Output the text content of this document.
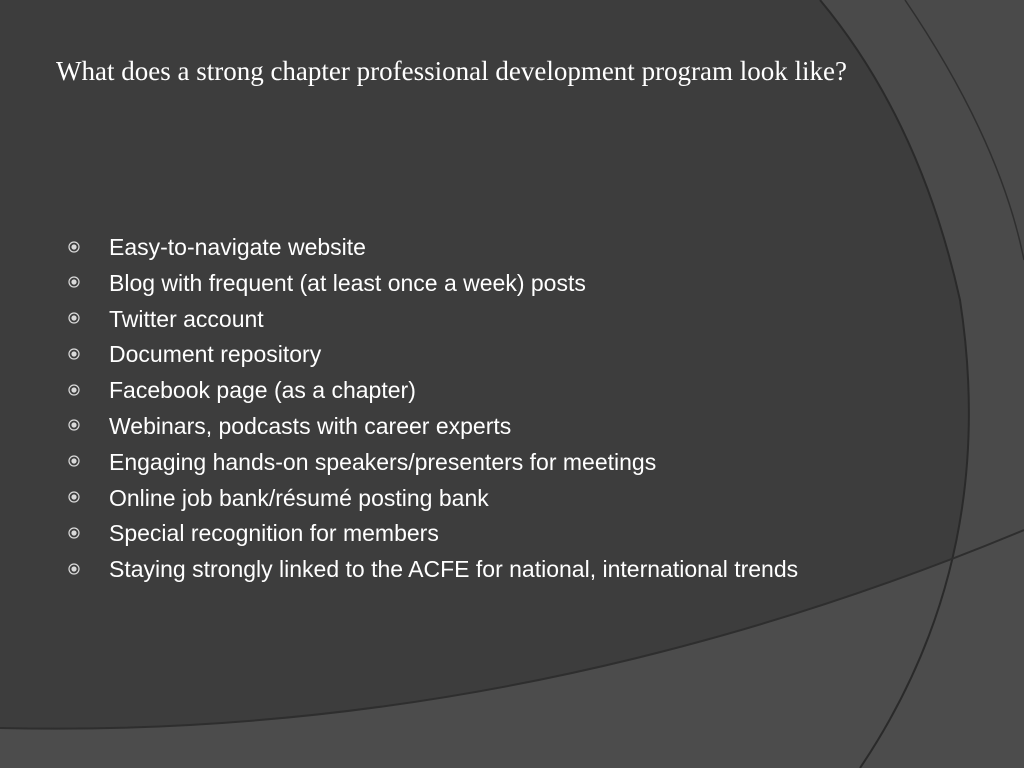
What does a strong chapter professional development program look like?
Easy-to-navigate website
Blog with frequent (at least once a week) posts
Twitter account
Document repository
Facebook page (as a chapter)
Webinars, podcasts with career experts
Engaging hands-on speakers/presenters for meetings
Online job bank/résumé posting bank
Special recognition for members
Staying strongly linked to the ACFE for national, international trends
